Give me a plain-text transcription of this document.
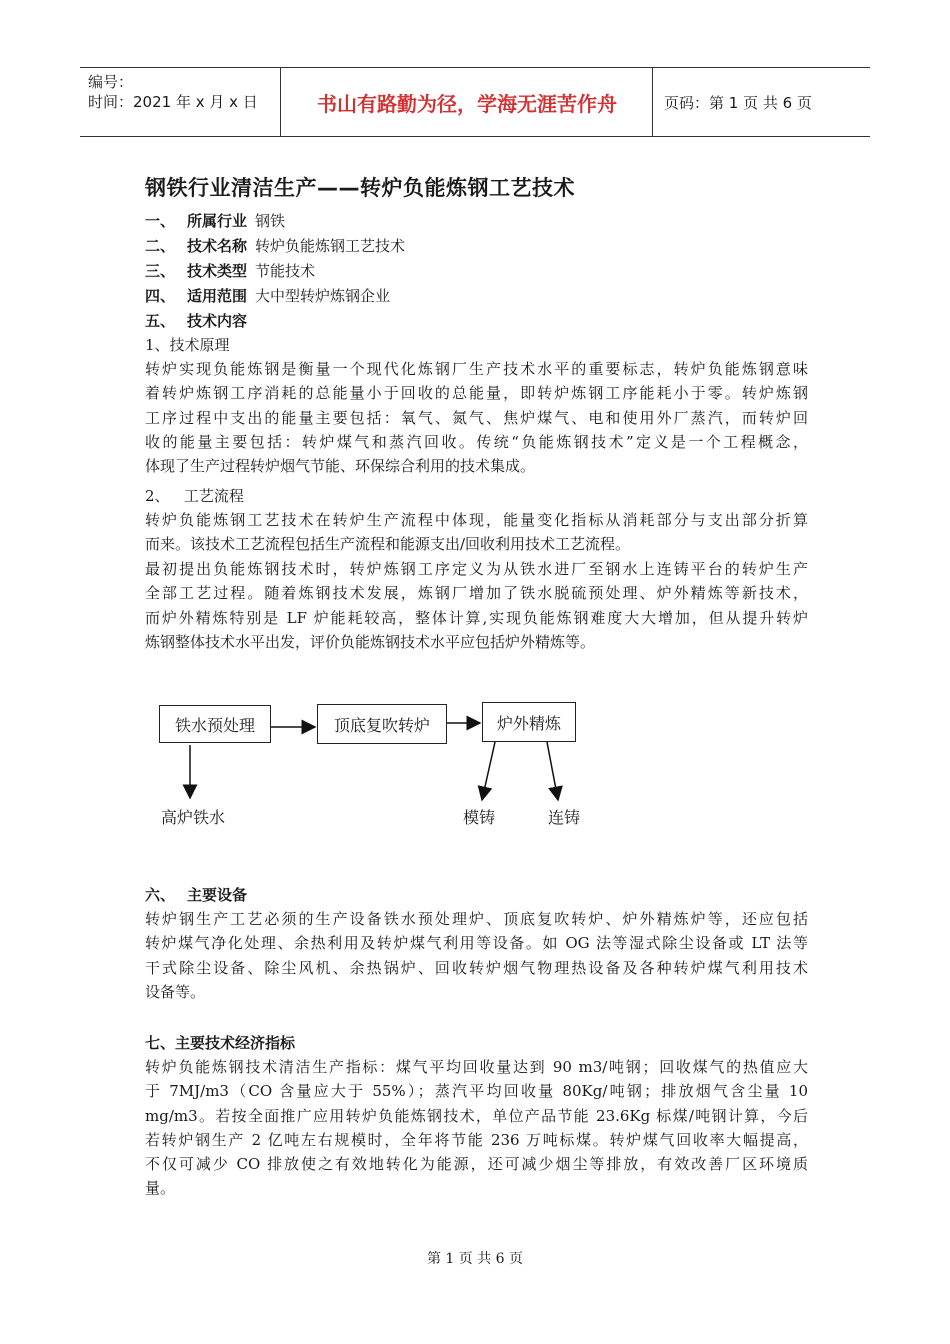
编号：
时间：2021 年 x 月 x 日	书山有路勤为径，学海无涯苦作舟	页码：第 1 页 共 6 页
钢铁行业清洁生产——转炉负能炼钢工艺技术
一、 所属行业 钢铁
二、 技术名称 转炉负能炼钢工艺技术
三、 技术类型 节能技术
四、 适用范围 大中型转炉炼钢企业
五、 技术内容
1、技术原理
转炉实现负能炼钢是衡量一个现代化炼钢厂生产技术水平的重要标志，转炉负能炼钢意味
着转炉炼钢工序消耗的总能量小于回收的总能量，即转炉炼钢工序能耗小于零。转炉炼钢
工序过程中支出的能量主要包括：氧气、氮气、焦炉煤气、电和使用外厂蒸汽，而转炉回
收的能量主要包括：转炉煤气和蒸汽回收。传统“负能炼钢技术”定义是一个工程概念，
体现了生产过程转炉烟气节能、环保综合利用的技术集成。
2、   工艺流程
转炉负能炼钢工艺技术在转炉生产流程中体现，能量变化指标从消耗部分与支出部分折算
而来。该技术工艺流程包括生产流程和能源支出/回收利用技术工艺流程。
最初提出负能炼钢技术时，转炉炼钢工序定义为从铁水进厂至钢水上连铸平台的转炉生产
全部工艺过程。随着炼钢技术发展，炼钢厂增加了铁水脱硫预处理、炉外精炼等新技术，
而炉外精炼特别是 LF 炉能耗较高，整体计算,实现负能炼钢难度大大增加，但从提升转炉
炼钢整体技术水平出发，评价负能炼钢技术水平应包括炉外精炼等。
铁水预处理	顶底复吹转炉	炉外精炼
高炉铁水	模铸	连铸
六、 主要设备
转炉钢生产工艺必须的生产设备铁水预处理炉、顶底复吹转炉、炉外精炼炉等，还应包括
转炉煤气净化处理、余热利用及转炉煤气利用等设备。如 OG 法等湿式除尘设备或 LT 法等
干式除尘设备、除尘风机、余热锅炉、回收转炉烟气物理热设备及各种转炉煤气利用技术
设备等。
七、主要技术经济指标
转炉负能炼钢技术清洁生产指标：煤气平均回收量达到 90 m3/吨钢；回收煤气的热值应大
于 7MJ/m3（CO 含量应大于 55%）；蒸汽平均回收量 80Kg/吨钢；排放烟气含尘量 10
mg/m3。若按全面推广应用转炉负能炼钢技术，单位产品节能 23.6Kg 标煤/吨钢计算，今后
若转炉钢生产 2 亿吨左右规模时，全年将节能 236 万吨标煤。转炉煤气回收率大幅提高，
不仅可减少 CO 排放使之有效地转化为能源，还可减少烟尘等排放，有效改善厂区环境质
量。
第 1 页 共 6 页
